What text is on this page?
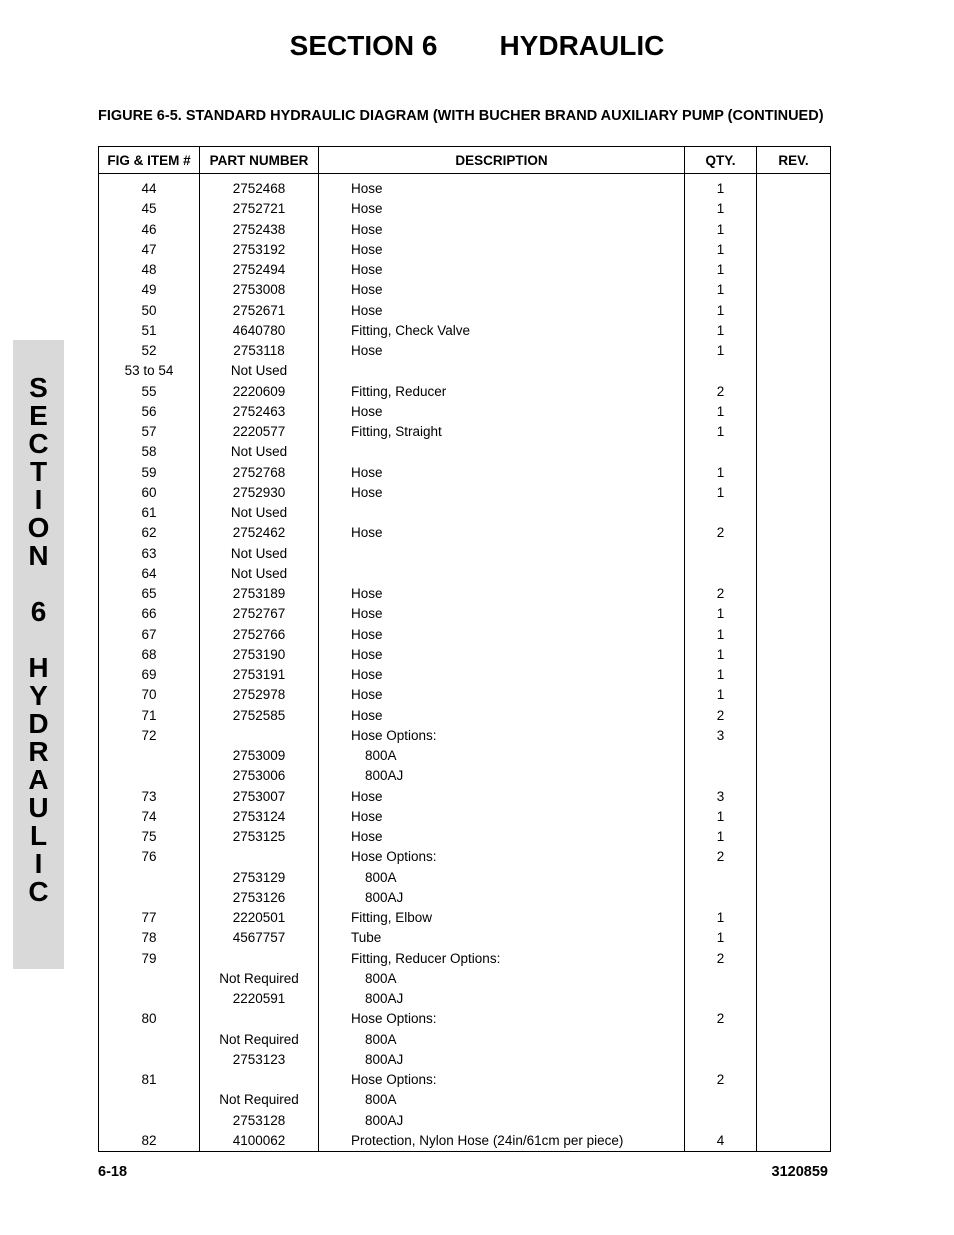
SECTION 6 HYDRAULIC
FIGURE 6-5. STANDARD HYDRAULIC DIAGRAM (WITH BUCHER BRAND AUXILIARY PUMP (CONTINUED)
S
E
C
T
I
O
N
6
H
Y
D
R
A
U
L
I
C
FIG & ITEM #	PART NUMBER	DESCRIPTION	QTY.	REV.
44	2752468	Hose	1	
45	2752721	Hose	1	
46	2752438	Hose	1	
47	2753192	Hose	1	
48	2752494	Hose	1	
49	2753008	Hose	1	
50	2752671	Hose	1	
51	4640780	Fitting, Check Valve	1	
52	2753118	Hose	1	
53 to 54	Not Used			
55	2220609	Fitting, Reducer	2	
56	2752463	Hose	1	
57	2220577	Fitting, Straight	1	
58	Not Used			
59	2752768	Hose	1	
60	2752930	Hose	1	
61	Not Used			
62	2752462	Hose	2	
63	Not Used			
64	Not Used			
65	2753189	Hose	2	
66	2752767	Hose	1	
67	2752766	Hose	1	
68	2753190	Hose	1	
69	2753191	Hose	1	
70	2752978	Hose	1	
71	2752585	Hose	2	
72		Hose Options:	3	
	2753009	800A		
	2753006	800AJ		
73	2753007	Hose	3	
74	2753124	Hose	1	
75	2753125	Hose	1	
76		Hose Options:	2	
	2753129	800A		
	2753126	800AJ		
77	2220501	Fitting, Elbow	1	
78	4567757	Tube	1	
79		Fitting, Reducer Options:	2	
	Not Required	800A		
	2220591	800AJ		
80		Hose Options:	2	
	Not Required	800A		
	2753123	800AJ		
81		Hose Options:	2	
	Not Required	800A		
	2753128	800AJ		
82	4100062	Protection, Nylon Hose (24in/61cm per piece)	4	
6-18	3120859
